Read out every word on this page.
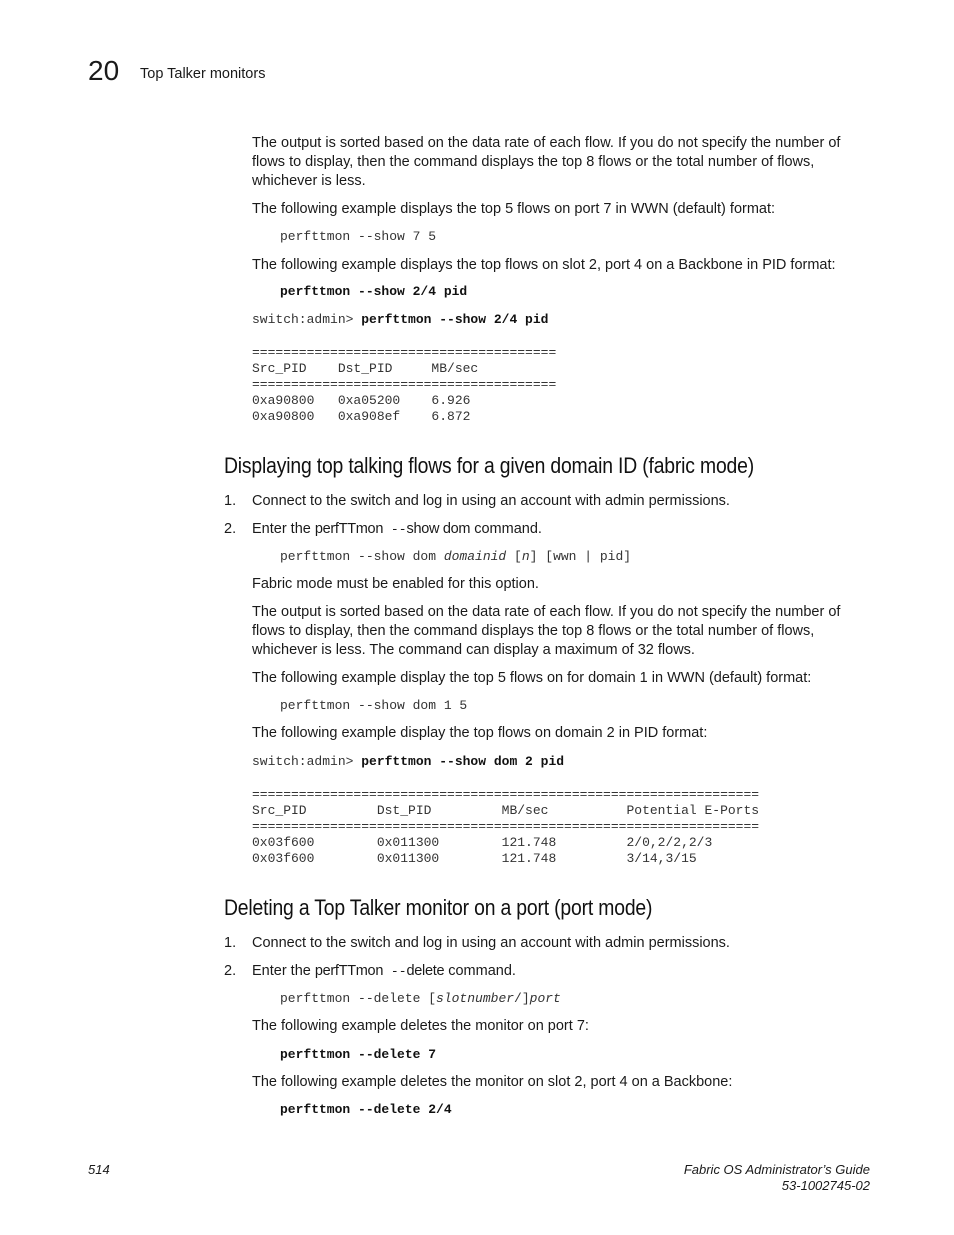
20 Top Talker monitors
The output is sorted based on the data rate of each flow. If you do not specify the number of flows to display, then the command displays the top 8 flows or the total number of flows, whichever is less.
The following example displays the top 5 flows on port 7 in WWN (default) format:
perfttmon --show 7 5
The following example displays the top flows on slot 2, port 4 on a Backbone in PID format:
perfttmon --show 2/4 pid
switch:admin> perfttmon --show 2/4 pid
=======================================
Src_PID    Dst_PID     MB/sec
=======================================
0xa90800   0xa05200    6.926
0xa90800   0xa908ef    6.872
Displaying top talking flows for a given domain ID (fabric mode)
1. Connect to the switch and log in using an account with admin permissions.
2. Enter the perfTTmon --show dom command.
perfttmon --show dom domainid [n] [wwn | pid]
Fabric mode must be enabled for this option.
The output is sorted based on the data rate of each flow. If you do not specify the number of flows to display, then the command displays the top 8 flows or the total number of flows, whichever is less. The command can display a maximum of 32 flows.
The following example display the top 5 flows on for domain 1 in WWN (default) format:
perfttmon --show dom 1 5
The following example display the top flows on domain 2 in PID format:
switch:admin> perfttmon --show dom 2 pid
=================================================================
Src_PID         Dst_PID         MB/sec          Potential E-Ports
=================================================================
0x03f600        0x011300        121.748         2/0,2/2,2/3
0x03f600        0x011300        121.748         3/14,3/15
Deleting a Top Talker monitor on a port (port mode)
1. Connect to the switch and log in using an account with admin permissions.
2. Enter the perfTTmon --delete command.
perfttmon --delete [slotnumber/]port
The following example deletes the monitor on port 7:
perfttmon --delete 7
The following example deletes the monitor on slot 2, port 4 on a Backbone:
perfttmon --delete 2/4
514	Fabric OS Administrator’s Guide
53-1002745-02
